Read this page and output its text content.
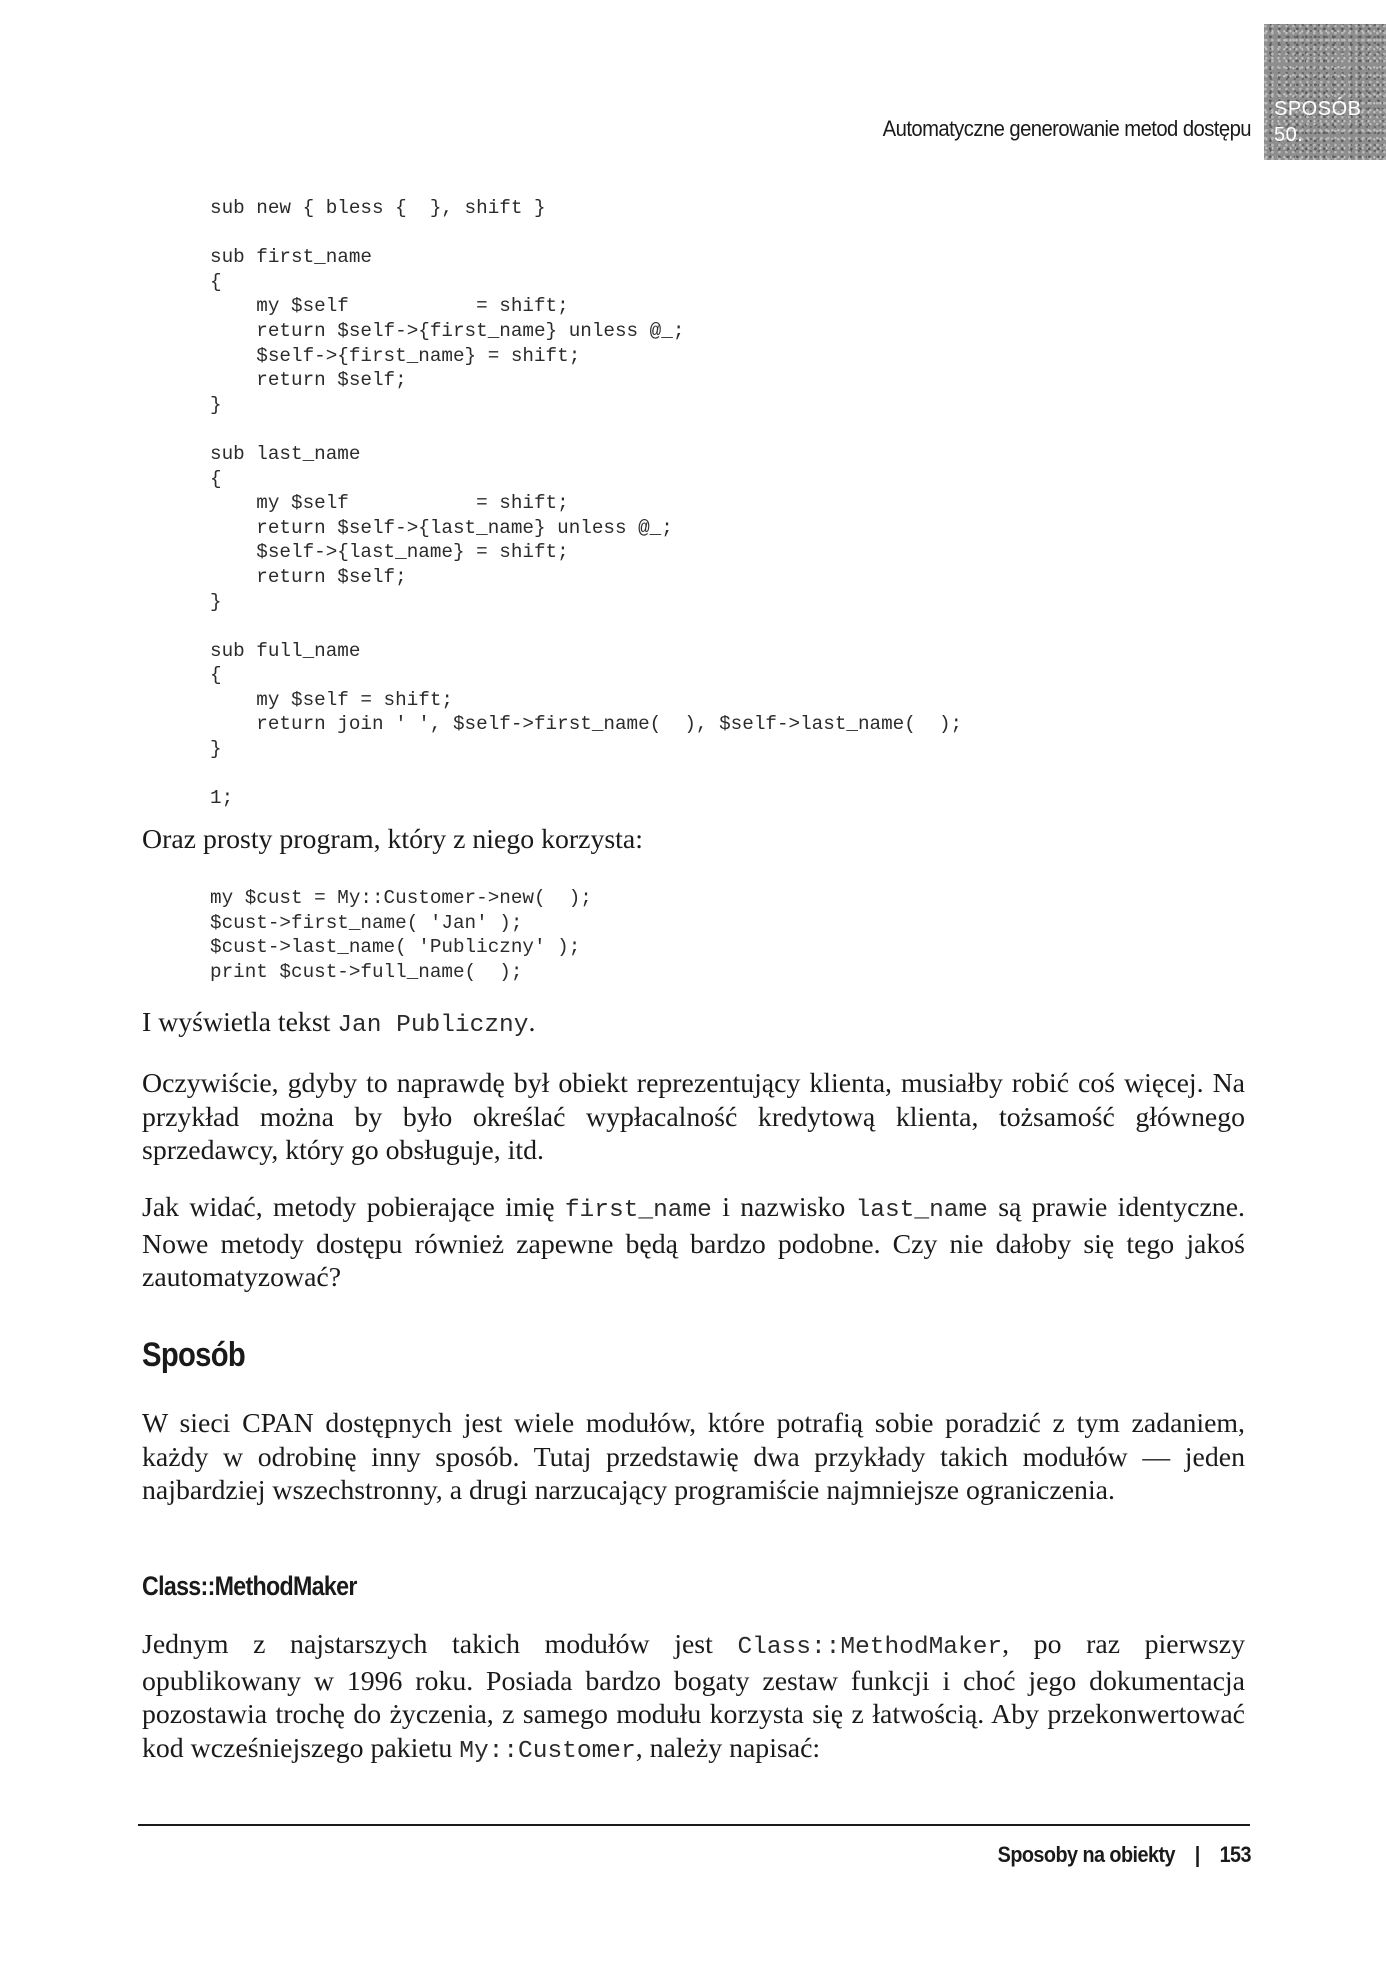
Automatyczne generowanie metod dostępu
SPOSÓB
50.
sub new { bless {  }, shift }

sub first_name
{
my $self           = shift;
return $self->{first_name} unless @_;
$self->{first_name} = shift;
return $self;
}

sub last_name
{
my $self           = shift;
return $self->{last_name} unless @_;
$self->{last_name} = shift;
return $self;
}

sub full_name
{
my $self = shift;
return join ' ', $self->first_name(  ), $self->last_name(  );
}

1;

Oraz prosty program, który z niego korzysta:

my $cust = My::Customer->new(  );
$cust->first_name( 'Jan' );
$cust->last_name( 'Publiczny' );
print $cust->full_name(  );

I wyświetla tekst Jan Publiczny.

Oczywiście, gdyby to naprawdę był obiekt reprezentujący klienta, musiałby robić coś więcej. Na przykład można by było określać wypłacalność kredytową klienta, tożsamość głównego sprzedawcy, który go obsługuje, itd.

Jak widać, metody pobierające imię first_name i nazwisko last_name są prawie identyczne. Nowe metody dostępu również zapewne będą bardzo podobne. Czy nie dałoby się tego jakoś zautomatyzować?

Sposób

W sieci CPAN dostępnych jest wiele modułów, które potrafią sobie poradzić z tym zadaniem, każdy w odrobinę inny sposób. Tutaj przedstawię dwa przykłady takich modułów — jeden najbardziej wszechstronny, a drugi narzucający programiście najmniejsze ograniczenia.

Class::MethodMaker

Jednym z najstarszych takich modułów jest Class::MethodMaker, po raz pierwszy opublikowany w 1996 roku. Posiada bardzo bogaty zestaw funkcji i choć jego dokumentacja pozostawia trochę do życzenia, z samego modułu korzysta się z łatwością. Aby przekonwertować kod wcześniejszego pakietu My::Customer, należy napisać:

Sposoby na obiekty | 153
